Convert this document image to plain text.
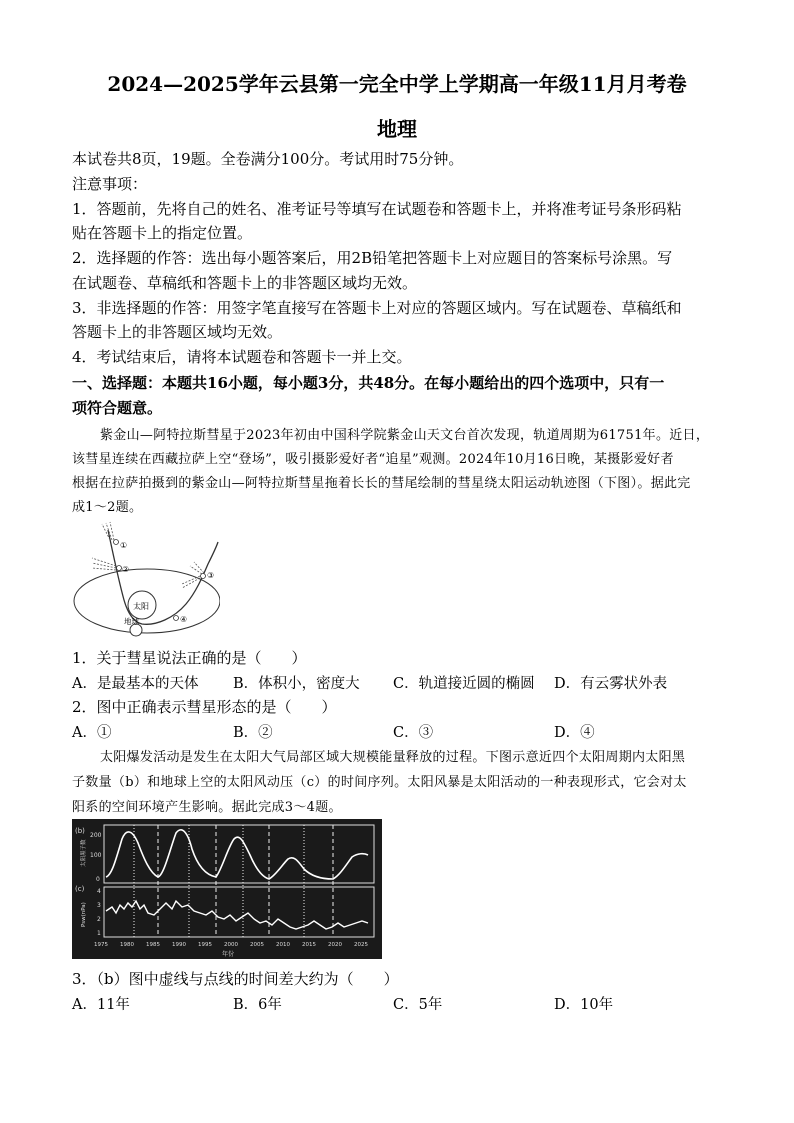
2024—2025学年云县第一完全中学上学期高一年级11月月考卷
地理
本试卷共8页，19题。全卷满分100分。考试用时75分钟。
注意事项：
1．答题前，先将自己的姓名、准考证号等填写在试题卷和答题卡上，并将准考证号条形码粘
贴在答题卡上的指定位置。
2．选择题的作答：选出每小题答案后，用2B铅笔把答题卡上对应题目的答案标号涂黑。写
在试题卷、草稿纸和答题卡上的非答题区域均无效。
3．非选择题的作答：用签字笔直接写在答题卡上对应的答题区域内。写在试题卷、草稿纸和
答题卡上的非答题区域均无效。
4．考试结束后，请将本试题卷和答题卡一并上交。
一、选择题：本题共16小题，每小题3分，共48分。在每小题给出的四个选项中，只有一
项符合题意。
紫金山—阿特拉斯彗星于2023年初由中国科学院紫金山天文台首次发现，轨道周期为61751年。近日，
该彗星连续在西藏拉萨上空“登场”，吸引摄影爱好者“追星”观测。2024年10月16日晚，某摄影爱好者
根据在拉萨拍摄到的紫金山—阿特拉斯彗星拖着长长的彗尾绘制的彗星绕太阳运动轨迹图（下图）。据此完
成1～2题。
太阳
地球
①
②
③
④
1．关于彗星说法正确的是（　　）
A．是最基本的天体 B．体积小，密度大 C．轨道接近圆的椭圆 D．有云雾状外表
2．图中正确表示彗星形态的是（　　）
A．①	B．②	C．③	D．④
太阳爆发活动是发生在太阳大气局部区域大规模能量释放的过程。下图示意近四个太阳周期内太阳黑
子数量（b）和地球上空的太阳风动压（c）的时间序列。太阳风暴是太阳活动的一种表现形式，它会对太
阳系的空间环境产生影响。据此完成3～4题。
(b)
(c)
太阳黑子数
Psw(nPa)
200
100
0
4
3
2
1
1975 1980 1985 1990 1995 2000 2005 2010 2015 2020 2025
年份
3．（b）图中虚线与点线的时间差大约为（　　）
A．11年	B．6年	C．5年	D．10年
